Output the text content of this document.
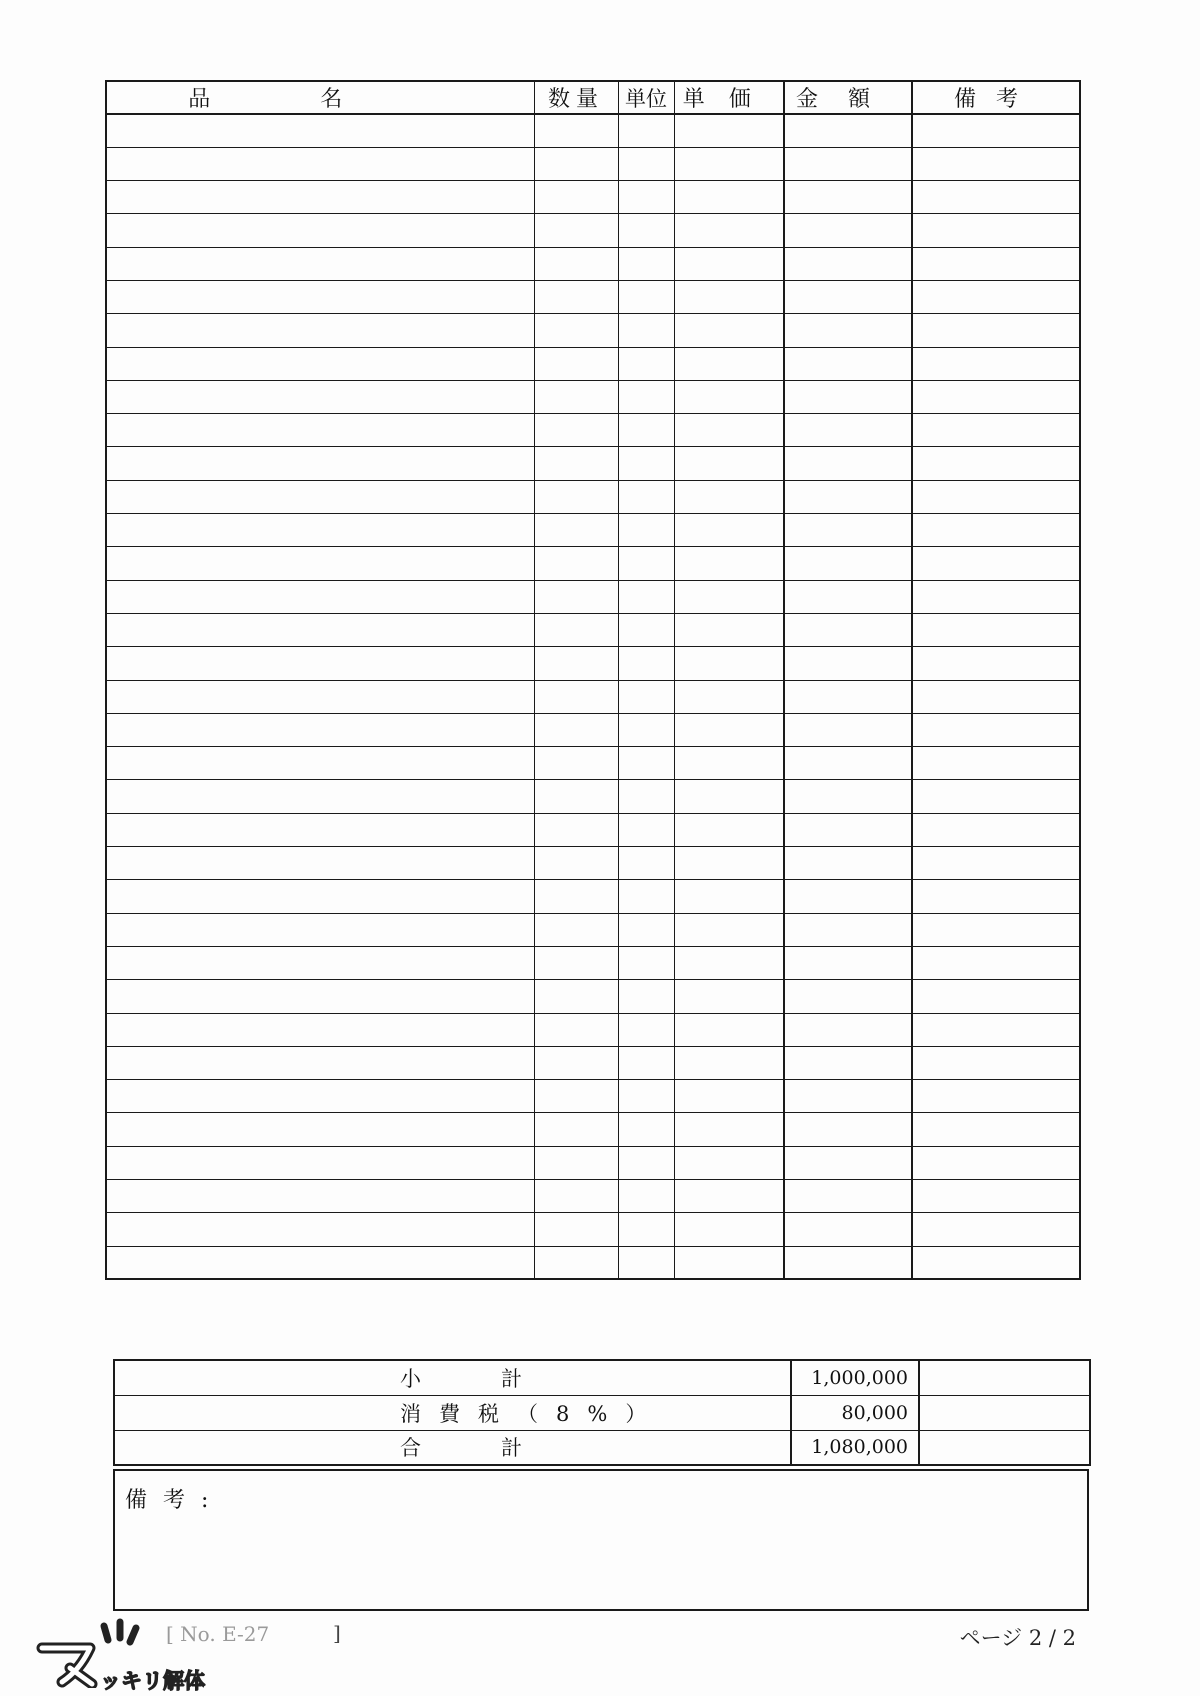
品名	数量	単位	単価	金額	備考

小計	1,000,000	
消費税（8%）	80,000	
合計	1,080,000	
備考:
ッキリ解体
[ No. E-27	]	ページ 2 / 2
